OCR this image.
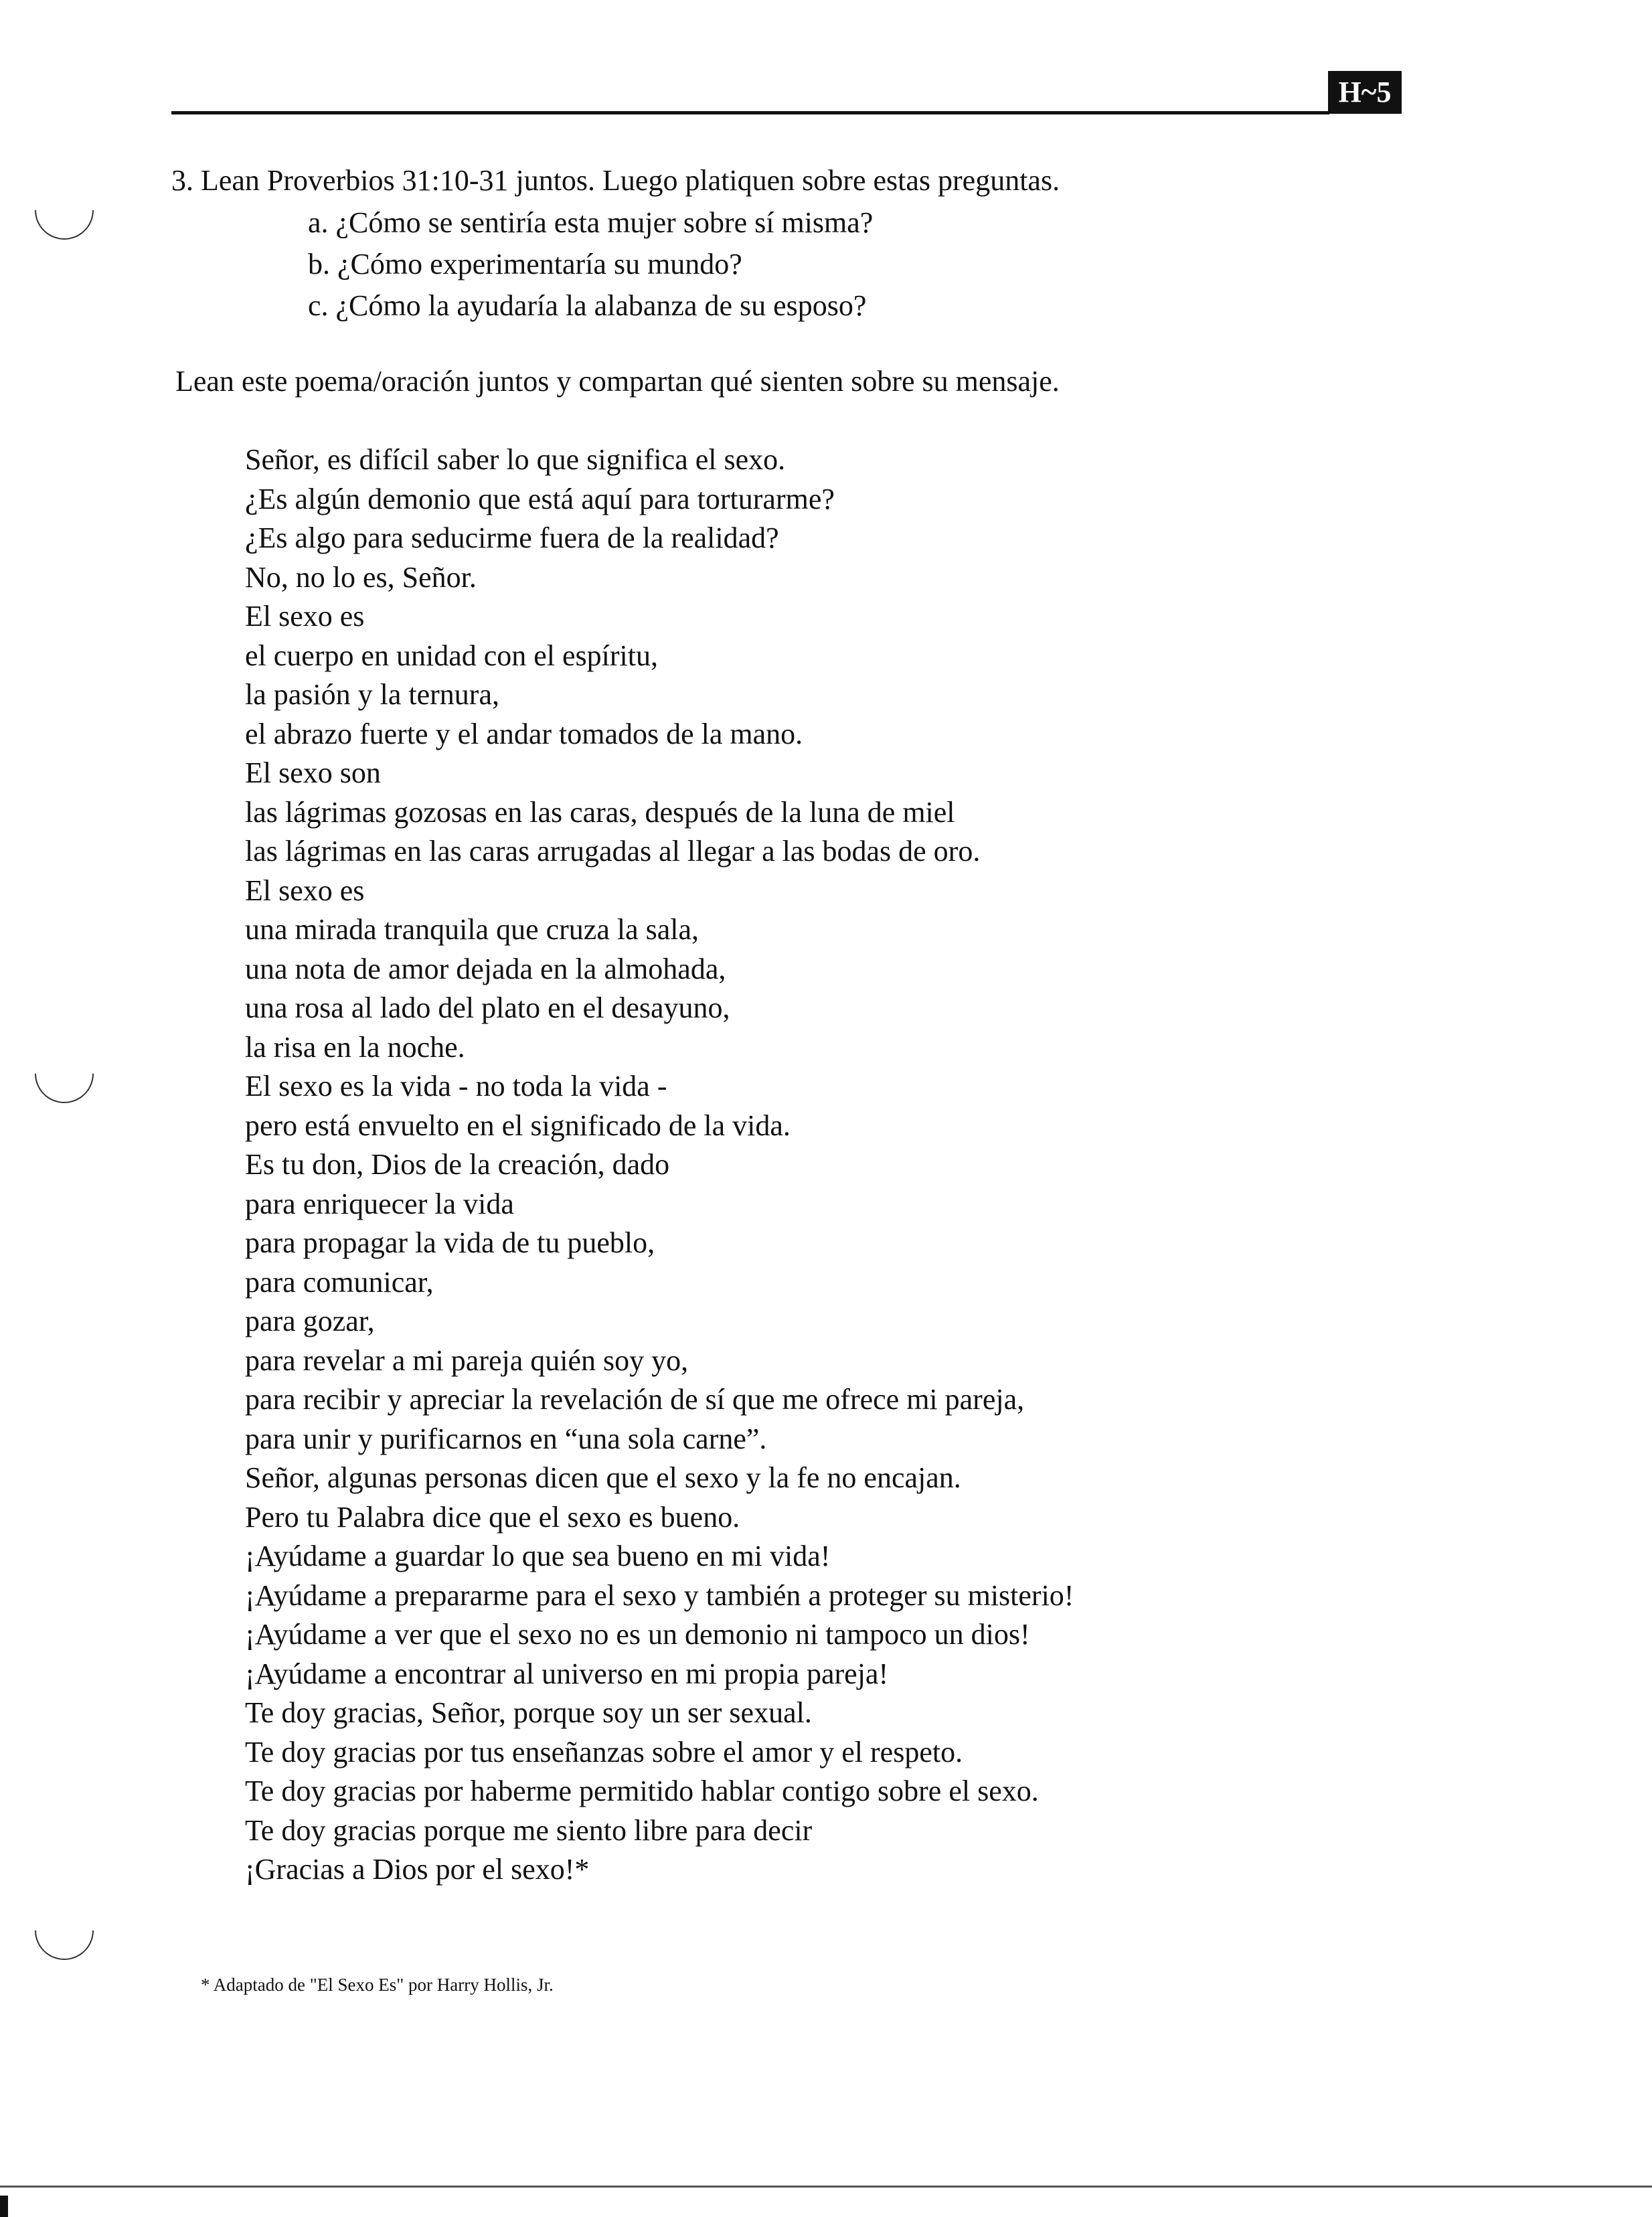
H~5
3. Lean Proverbios 31:10-31 juntos. Luego platiquen sobre estas preguntas.
a. ¿Cómo se sentiría esta mujer sobre sí misma?
b. ¿Cómo experimentaría su mundo?
c. ¿Cómo la ayudaría la alabanza de su esposo?
Lean este poema/oración juntos y compartan qué sienten sobre su mensaje.
Señor, es difícil saber lo que significa el sexo.
¿Es algún demonio que está aquí para torturarme?
¿Es algo para seducirme fuera de la realidad?
No, no lo es, Señor.
El sexo es
el cuerpo en unidad con el espíritu,
la pasión y la ternura,
el abrazo fuerte y el andar tomados de la mano.
El sexo son
las lágrimas gozosas en las caras, después de la luna de miel
las lágrimas en las caras arrugadas al llegar a las bodas de oro.
El sexo es
una mirada tranquila que cruza la sala,
una nota de amor dejada en la almohada,
una rosa al lado del plato en el desayuno,
la risa en la noche.
El sexo es la vida - no toda la vida -
pero está envuelto en el significado de la vida.
Es tu don, Dios de la creación, dado
para enriquecer la vida
para propagar la vida de tu pueblo,
para comunicar,
para gozar,
para revelar a mi pareja quién soy yo,
para recibir y apreciar la revelación de sí que me ofrece mi pareja,
para unir y purificarnos en “una sola carne”.
Señor, algunas personas dicen que el sexo y la fe no encajan.
Pero tu Palabra dice que el sexo es bueno.
¡Ayúdame a guardar lo que sea bueno en mi vida!
¡Ayúdame a prepararme para el sexo y también a proteger su misterio!
¡Ayúdame a ver que el sexo no es un demonio ni tampoco un dios!
¡Ayúdame a encontrar al universo en mi propia pareja!
Te doy gracias, Señor, porque soy un ser sexual.
Te doy gracias por tus enseñanzas sobre el amor y el respeto.
Te doy gracias por haberme permitido hablar contigo sobre el sexo.
Te doy gracias porque me siento libre para decir
¡Gracias a Dios por el sexo!*
* Adaptado de "El Sexo Es" por Harry Hollis, Jr.
